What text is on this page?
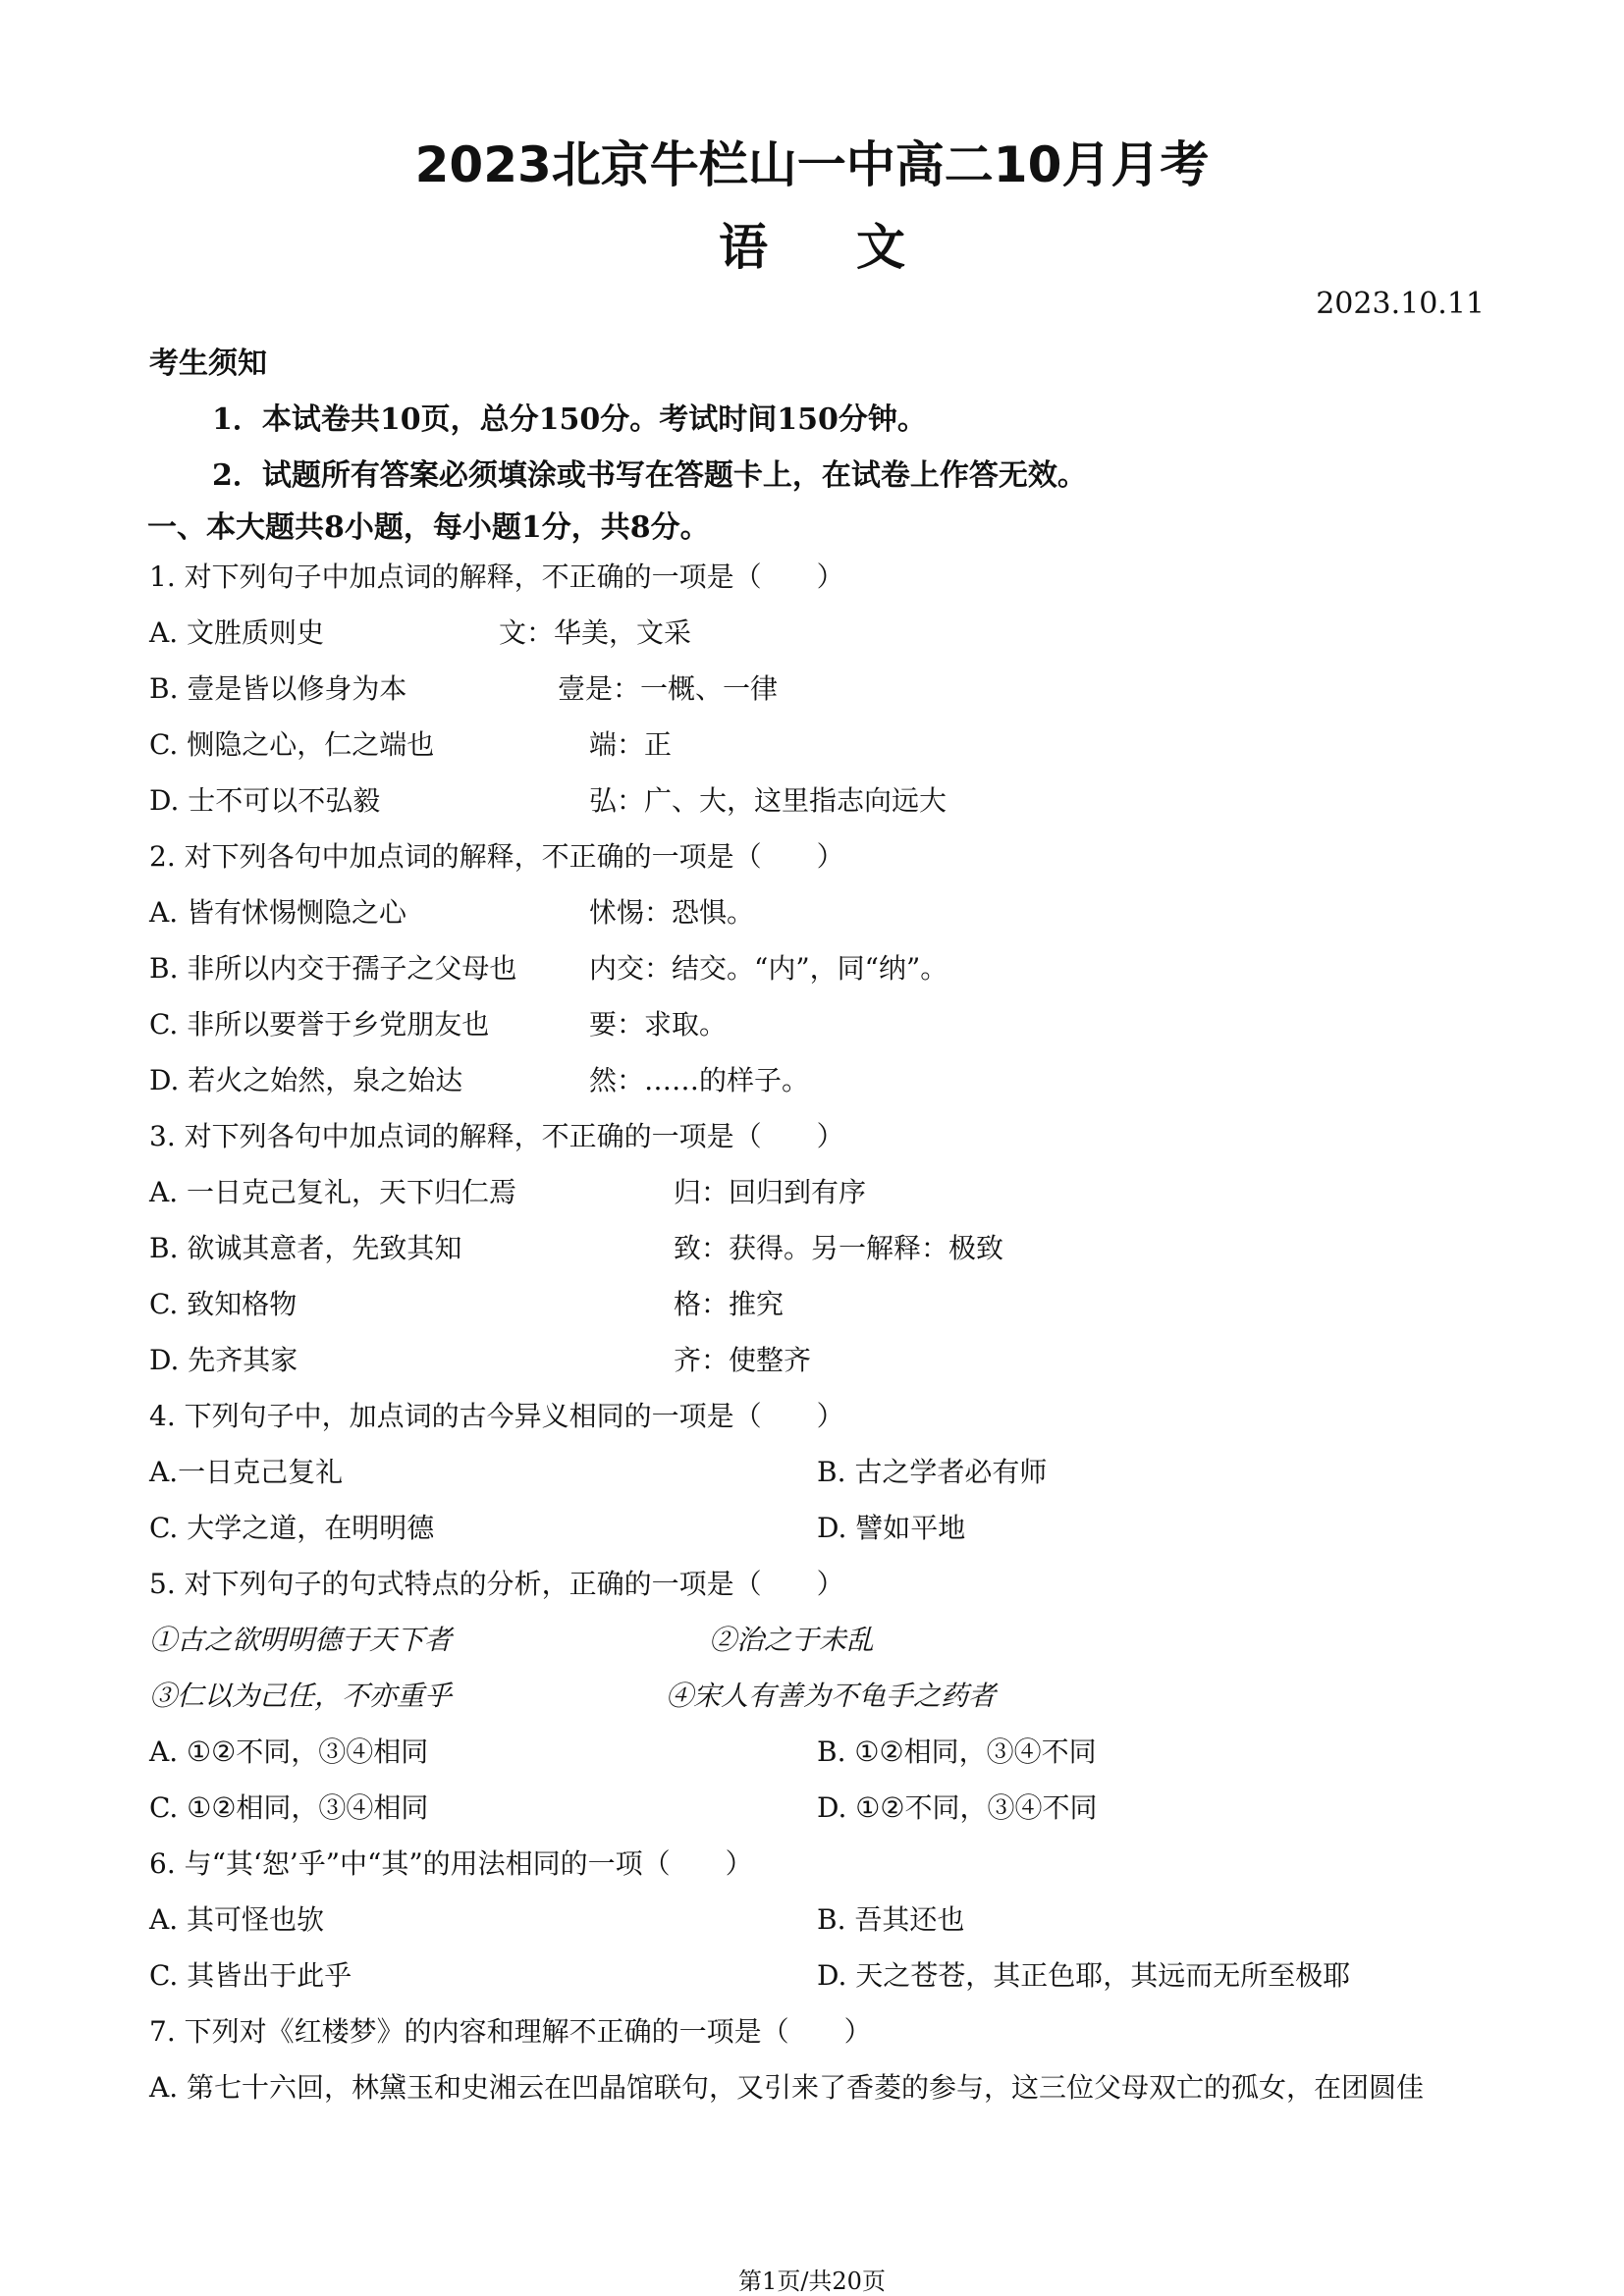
2023北京牛栏山一中高二10月月考
语文
2023.10.11
考生须知
1．本试卷共10页，总分150分。考试时间150分钟。
2．试题所有答案必须填涂或书写在答题卡上，在试卷上作答无效。
一、本大题共8小题，每小题1分，共8分。
1. 对下列句子中加点词的解释，不正确的一项是（　　）
A. 文胜质则史	文：华美，文采
B. 壹是皆以修身为本	壹是：一概、一律
C. 恻隐之心，仁之端也	端：正
D. 士不可以不弘毅	弘：广、大，这里指志向远大
2. 对下列各句中加点词的解释，不正确的一项是（　　）
A. 皆有怵惕恻隐之心	怵惕：恐惧。
B. 非所以内交于孺子之父母也	内交：结交。“内”，同“纳”。
C. 非所以要誉于乡党朋友也	要：求取。
D. 若火之始然，泉之始达	然：……的样子。
3. 对下列各句中加点词的解释，不正确的一项是（　　）
A. 一日克己复礼，天下归仁焉	归：回归到有序
B. 欲诚其意者，先致其知	致：获得。另一解释：极致
C. 致知格物	格：推究
D. 先齐其家	齐：使整齐
4. 下列句子中，加点词的古今异义相同的一项是（　　）
A.一日克己复礼	B. 古之学者必有师
C. 大学之道，在明明德	D. 譬如平地
5. 对下列句子的句式特点的分析，正确的一项是（　　）
①古之欲明明德于天下者	②治之于未乱
③仁以为己任，不亦重乎	④宋人有善为不龟手之药者
A. ①②不同，③④相同	B. ①②相同，③④不同
C. ①②相同，③④相同	D. ①②不同，③④不同
6. 与“其‘恕’乎”中“其”的用法相同的一项（　　）
A. 其可怪也欤	B. 吾其还也
C. 其皆出于此乎	D. 天之苍苍，其正色耶，其远而无所至极耶
7. 下列对《红楼梦》的内容和理解不正确的一项是（　　）
A. 第七十六回，林黛玉和史湘云在凹晶馆联句，又引来了香菱的参与，这三位父母双亡的孤女，在团圆佳
第1页/共20页
